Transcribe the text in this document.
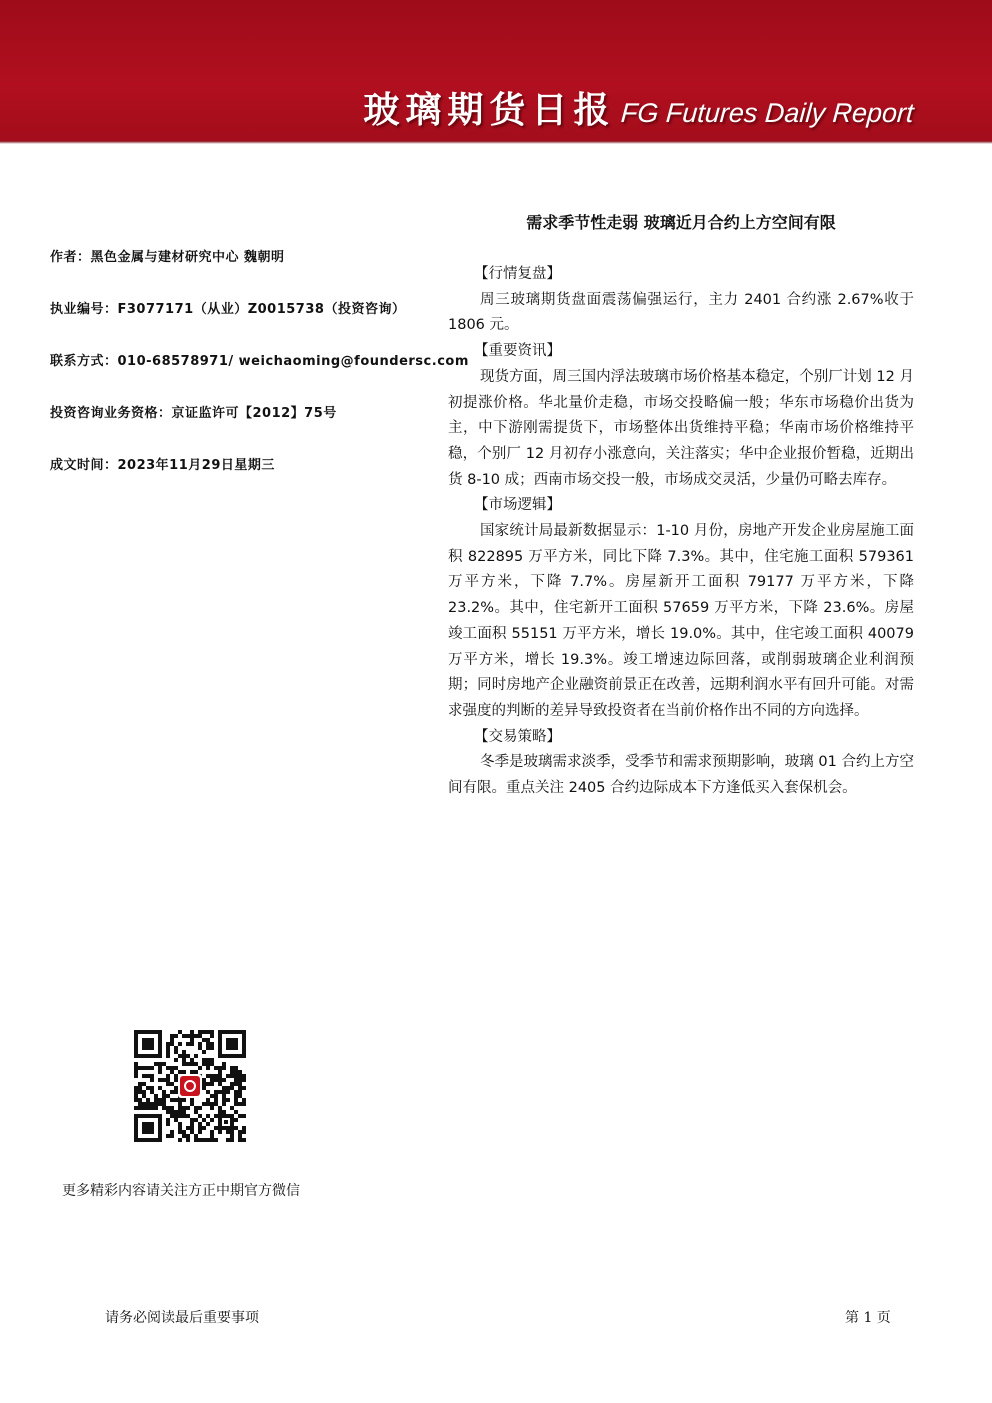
玻璃期货日报 FG Futures Daily Report
需求季节性走弱 玻璃近月合约上方空间有限
作者：黑色金属与建材研究中心 魏朝明
执业编号：F3077171（从业）Z0015738（投资咨询）
联系方式：010-68578971/ weichaoming@foundersc.com
投资咨询业务资格：京证监许可【2012】75号
成文时间：2023年11月29日星期三
【行情复盘】
周三玻璃期货盘面震荡偏强运行，主力 2401 合约涨 2.67%收于 1806 元。
【重要资讯】
现货方面，周三国内浮法玻璃市场价格基本稳定，个别厂计划 12 月初提涨价格。华北量价走稳，市场交投略偏一般；华东市场稳价出货为主，中下游刚需提货下，市场整体出货维持平稳；华南市场价格维持平稳，个别厂 12 月初存小涨意向，关注落实；华中企业报价暂稳，近期出货 8-10 成；西南市场交投一般，市场成交灵活，少量仍可略去库存。
【市场逻辑】
国家统计局最新数据显示：1-10 月份，房地产开发企业房屋施工面积 822895 万平方米，同比下降 7.3%。其中，住宅施工面积 579361 万平方米，下降 7.7%。房屋新开工面积 79177 万平方米，下降 23.2%。其中，住宅新开工面积 57659 万平方米，下降 23.6%。房屋竣工面积 55151 万平方米，增长 19.0%。其中，住宅竣工面积 40079 万平方米，增长 19.3%。竣工增速边际回落，或削弱玻璃企业利润预期；同时房地产企业融资前景正在改善，远期利润水平有回升可能。对需求强度的判断的差异导致投资者在当前价格作出不同的方向选择。
【交易策略】
冬季是玻璃需求淡季，受季节和需求预期影响，玻璃 01 合约上方空间有限。重点关注 2405 合约边际成本下方逢低买入套保机会。
更多精彩内容请关注方正中期官方微信
请务必阅读最后重要事项	第 1 页
